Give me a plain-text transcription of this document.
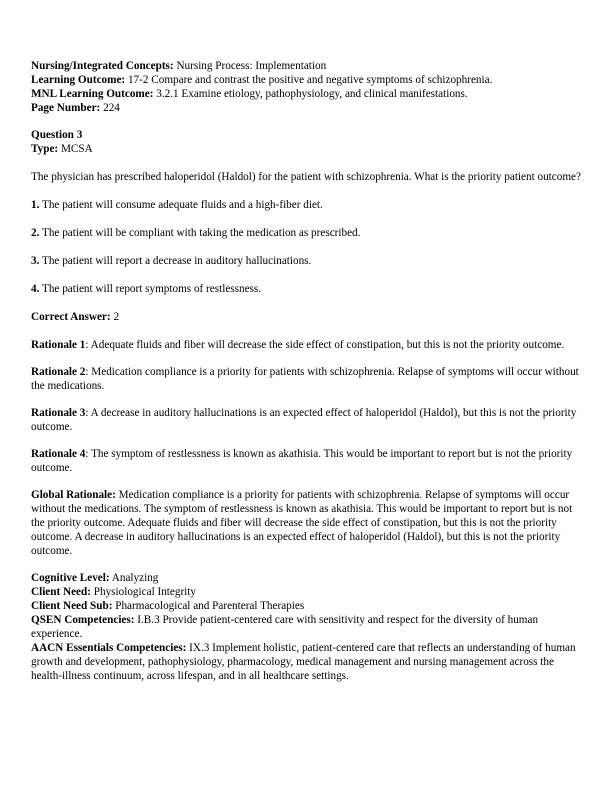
Nursing/Integrated Concepts: Nursing Process: Implementation
Learning Outcome: 17-2 Compare and contrast the positive and negative symptoms of schizophrenia.
MNL Learning Outcome: 3.2.1 Examine etiology, pathophysiology, and clinical manifestations.
Page Number: 224
Question 3
Type: MCSA
The physician has prescribed haloperidol (Haldol) for the patient with schizophrenia. What is the priority patient outcome?
1. The patient will consume adequate fluids and a high-fiber diet.
2. The patient will be compliant with taking the medication as prescribed.
3. The patient will report a decrease in auditory hallucinations.
4. The patient will report symptoms of restlessness.
Correct Answer: 2
Rationale 1: Adequate fluids and fiber will decrease the side effect of constipation, but this is not the priority outcome.
Rationale 2: Medication compliance is a priority for patients with schizophrenia. Relapse of symptoms will occur without the medications.
Rationale 3: A decrease in auditory hallucinations is an expected effect of haloperidol (Haldol), but this is not the priority outcome.
Rationale 4: The symptom of restlessness is known as akathisia. This would be important to report but is not the priority outcome.
Global Rationale: Medication compliance is a priority for patients with schizophrenia. Relapse of symptoms will occur without the medications. The symptom of restlessness is known as akathisia. This would be important to report but is not the priority outcome. Adequate fluids and fiber will decrease the side effect of constipation, but this is not the priority outcome. A decrease in auditory hallucinations is an expected effect of haloperidol (Haldol), but this is not the priority outcome.
Cognitive Level: Analyzing
Client Need: Physiological Integrity
Client Need Sub: Pharmacological and Parenteral Therapies
QSEN Competencies: I.B.3 Provide patient-centered care with sensitivity and respect for the diversity of human experience.
AACN Essentials Competencies: IX.3 Implement holistic, patient-centered care that reflects an understanding of human growth and development, pathophysiology, pharmacology, medical management and nursing management across the health-illness continuum, across lifespan, and in all healthcare settings.
